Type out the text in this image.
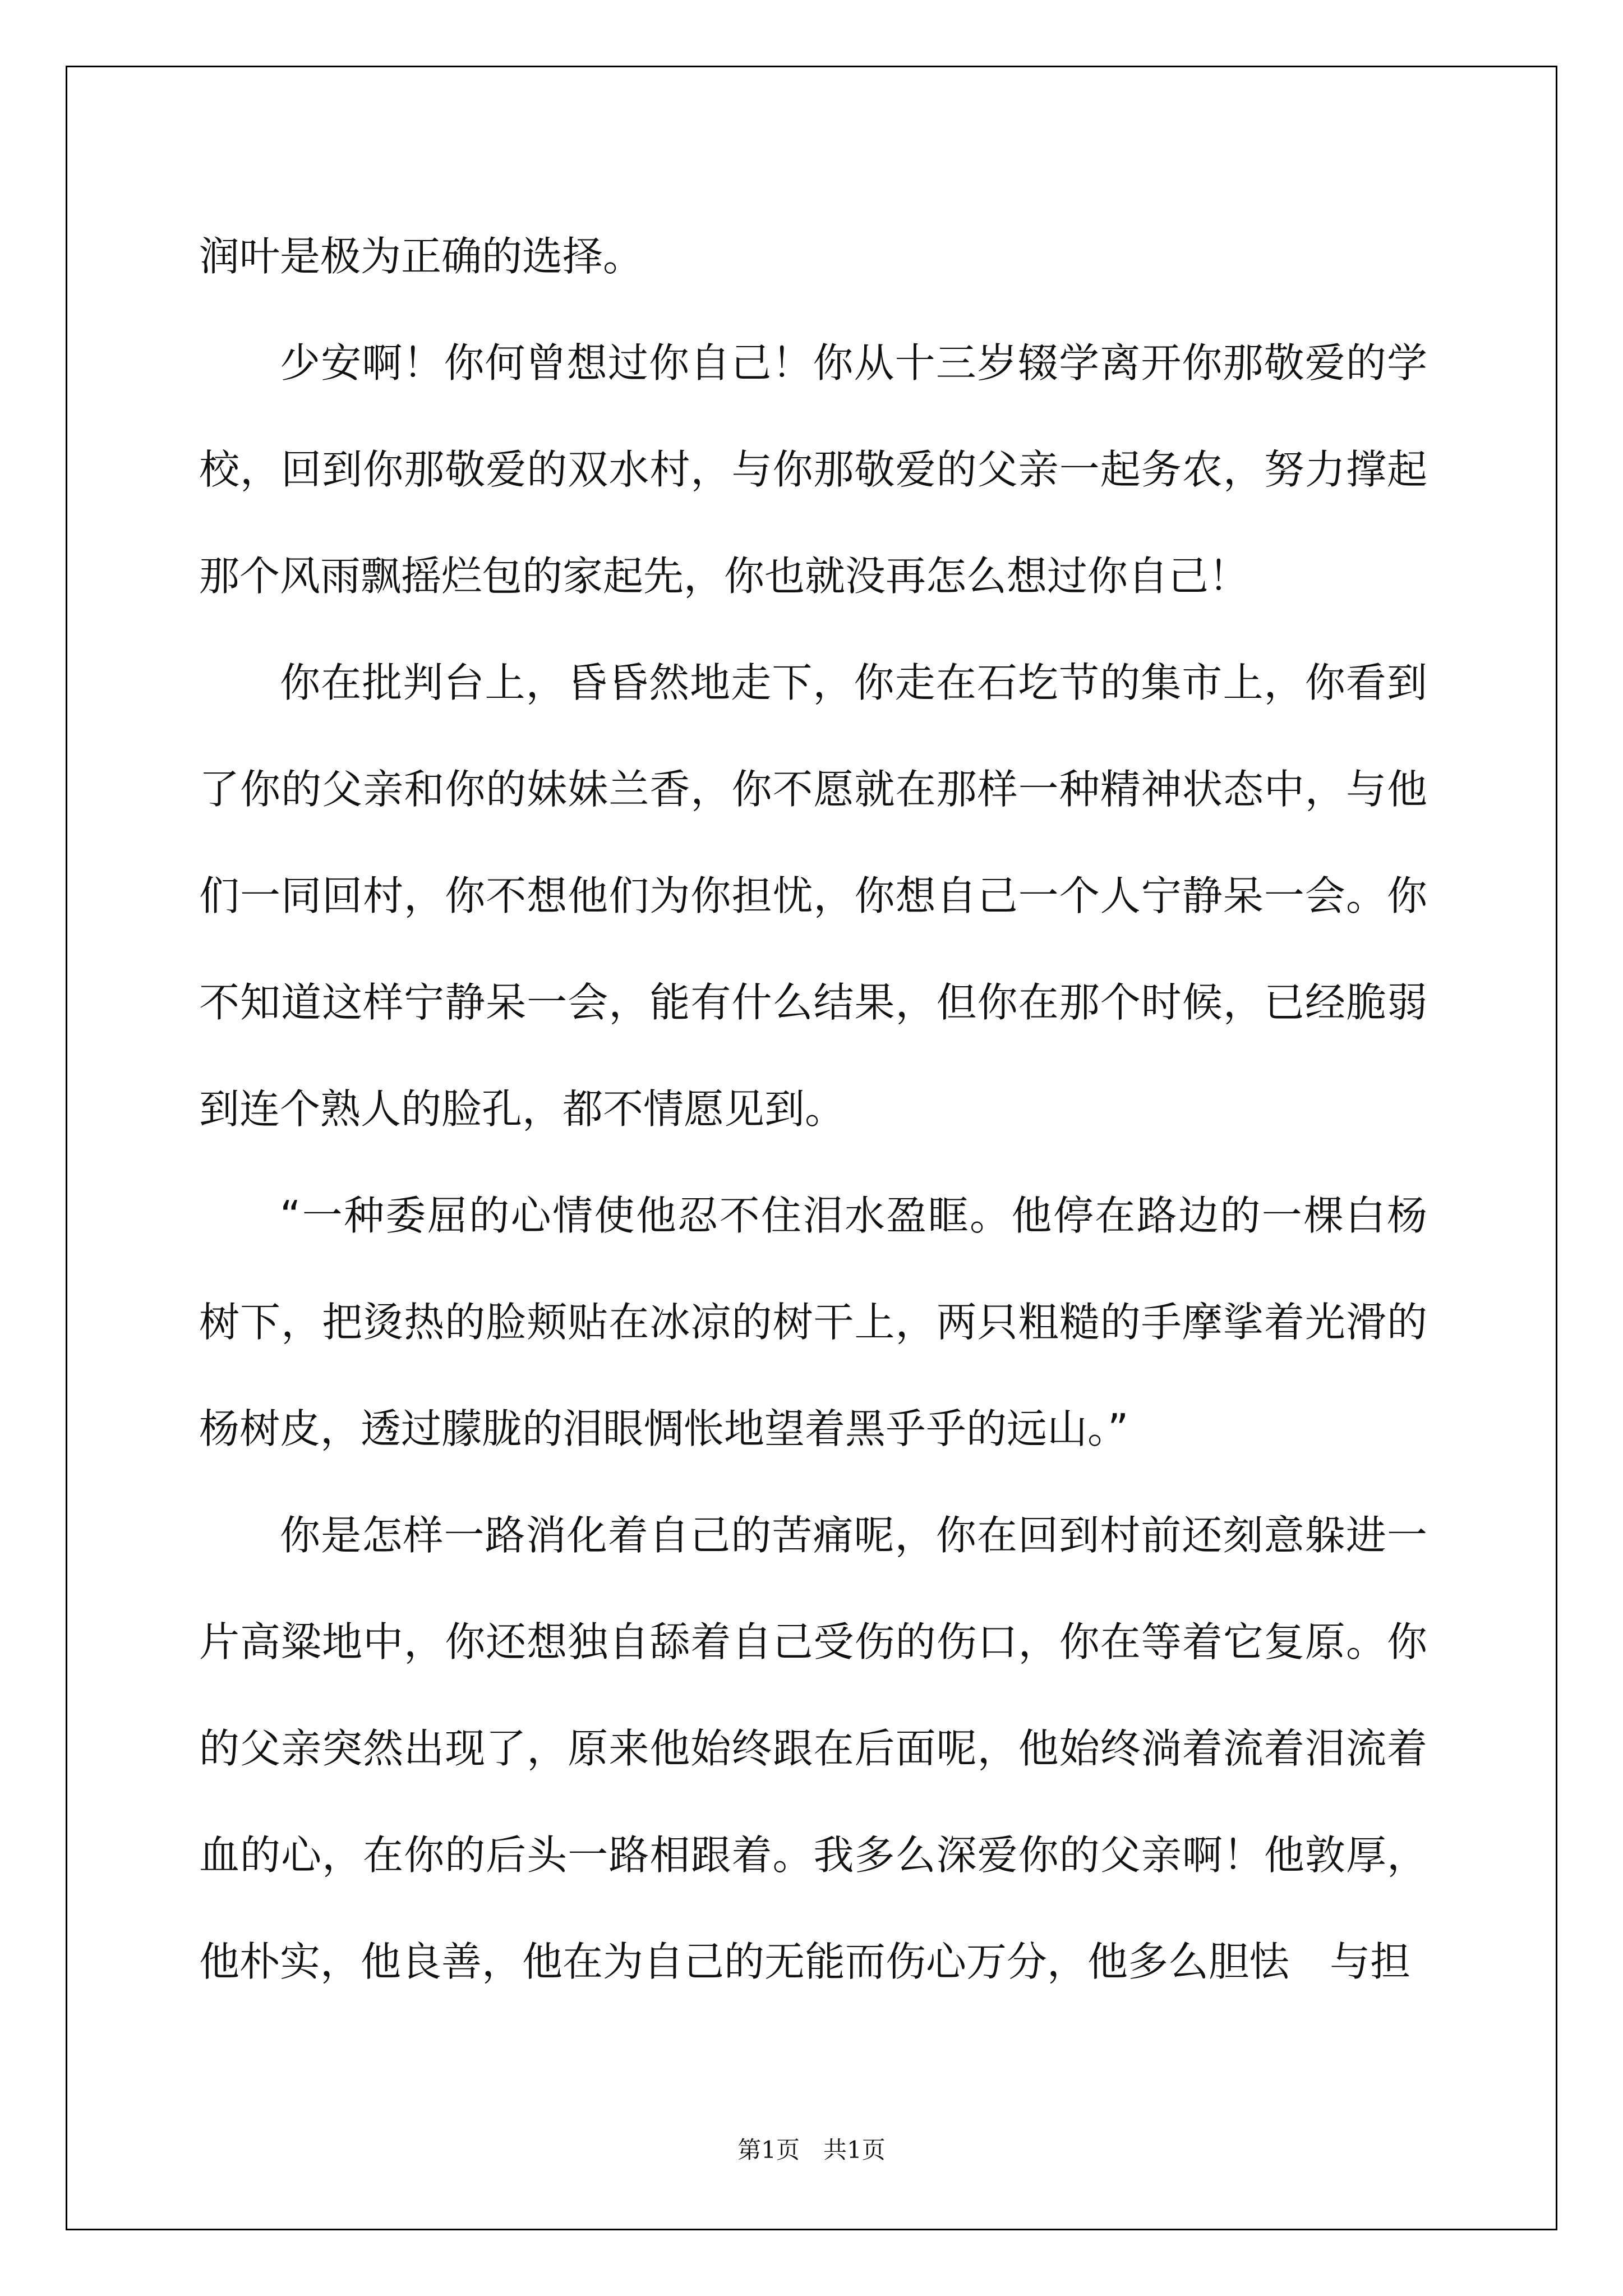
润叶是极为正确的选择。

少安啊！你何曾想过你自己！你从十三岁辍学离开你那敬爱的学校，回到你那敬爱的双水村，与你那敬爱的父亲一起务农，努力撑起那个风雨飘摇烂包的家起先，你也就没再怎么想过你自己！

你在批判台上，昏昏然地走下，你走在石圪节的集市上，你看到了你的父亲和你的妹妹兰香，你不愿就在那样一种精神状态中，与他们一同回村，你不想他们为你担忧，你想自己一个人宁静呆一会。你不知道这样宁静呆一会，能有什么结果，但你在那个时候，已经脆弱到连个熟人的脸孔，都不情愿见到。

“一种委屈的心情使他忍不住泪水盈眶。他停在路边的一棵白杨树下，把烫热的脸颊贴在冰凉的树干上，两只粗糙的手摩挲着光滑的杨树皮，透过朦胧的泪眼惆怅地望着黑乎乎的远山。”

你是怎样一路消化着自己的苦痛呢，你在回到村前还刻意躲进一片高粱地中，你还想独自舔着自己受伤的伤口，你在等着它复原。你的父亲突然出现了，原来他始终跟在后面呢，他始终淌着流着泪流着血的心，在你的后头一路相跟着。我多么深爱你的父亲啊！他敦厚，他朴实，他良善，他在为自己的无能而伤心万分，他多么胆怯　与担

第1页　共1页
